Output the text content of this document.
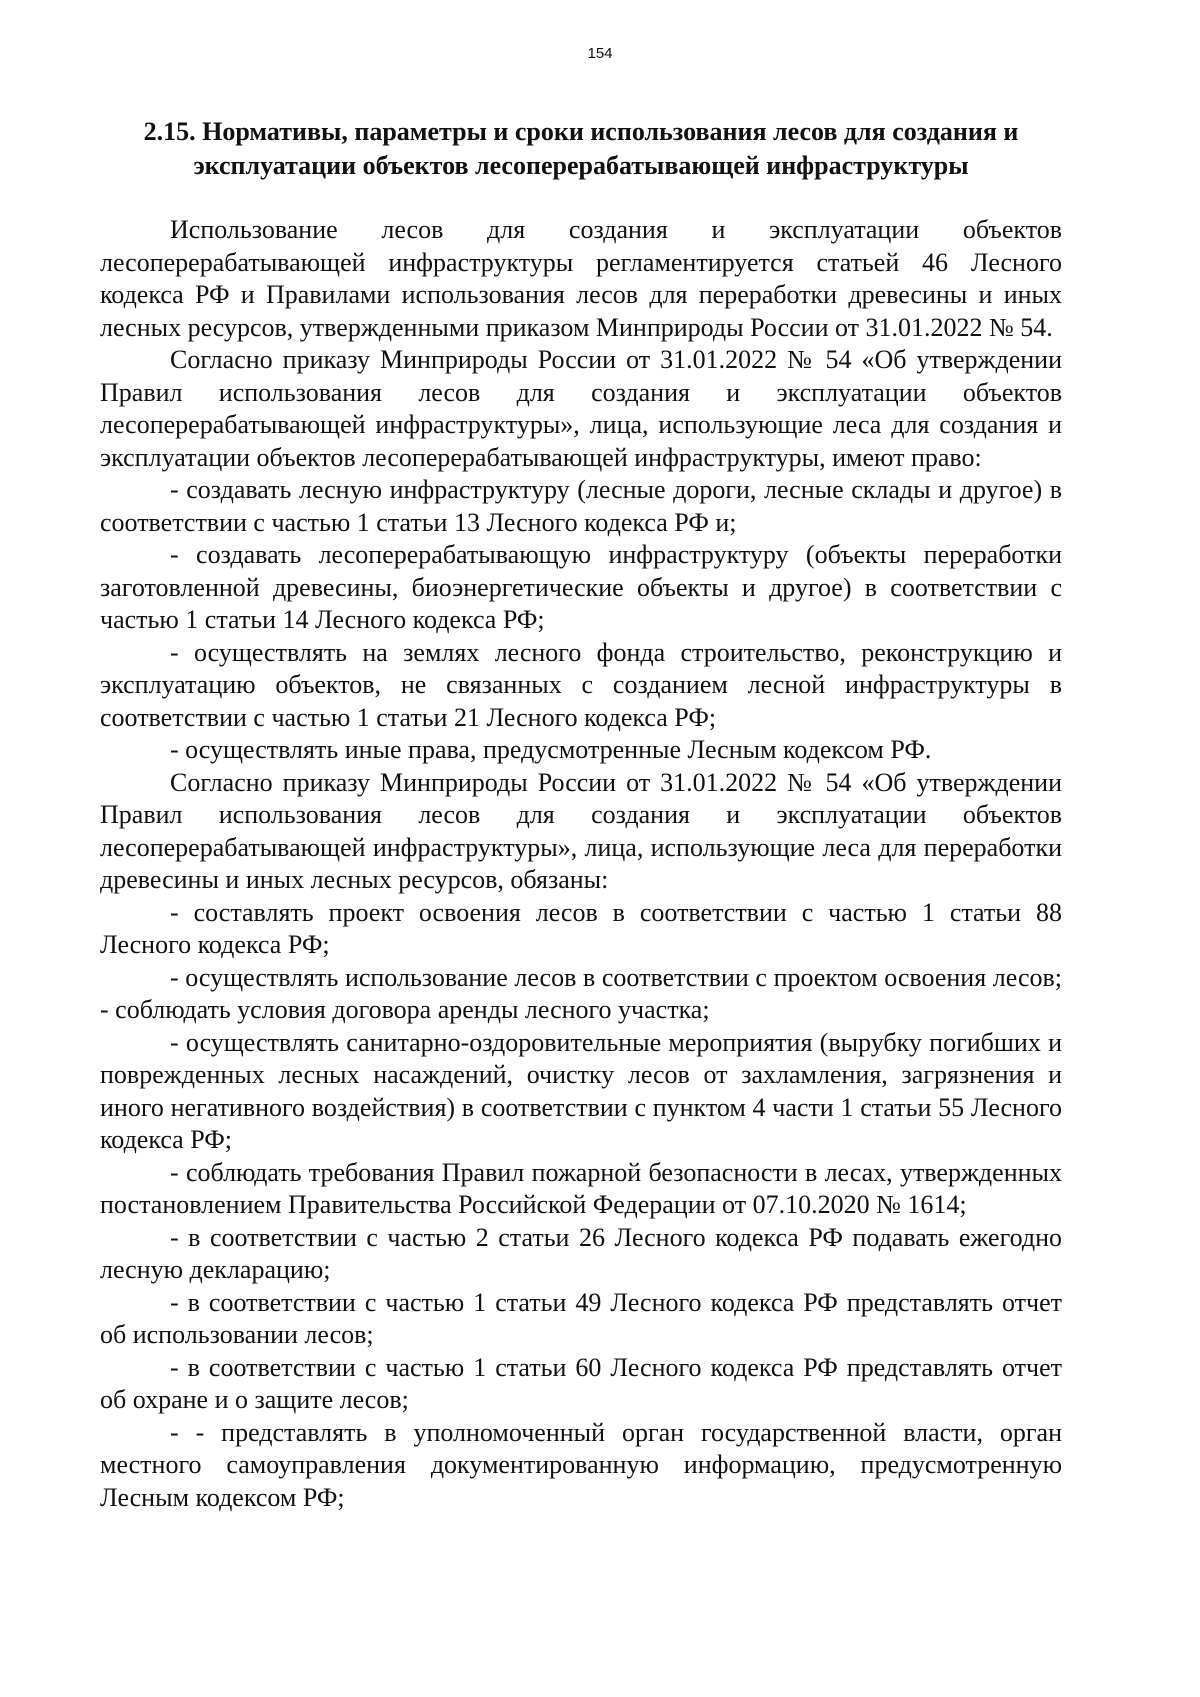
154
2.15. Нормативы, параметры и сроки использования лесов для создания и эксплуатации объектов лесоперерабатывающей инфраструктуры

Использование лесов для создания и эксплуатации объектов лесоперерабатывающей инфраструктуры регламентируется статьей 46 Лесного кодекса РФ и Правилами использования лесов для переработки древесины и иных лесных ресурсов, утвержденными приказом Минприроды России от 31.01.2022 № 54.

Согласно приказу Минприроды России от 31.01.2022 № 54 «Об утверждении Правил использования лесов для создания и эксплуатации объектов лесоперерабатывающей инфраструктуры», лица, использующие леса для создания и эксплуатации объектов лесоперерабатывающей инфраструктуры, имеют право:

- создавать лесную инфраструктуру (лесные дороги, лесные склады и другое) в соответствии с частью 1 статьи 13 Лесного кодекса РФ и;

- создавать лесоперерабатывающую инфраструктуру (объекты переработки заготовленной древесины, биоэнергетические объекты и другое) в соответствии с частью 1 статьи 14 Лесного кодекса РФ;

- осуществлять на землях лесного фонда строительство, реконструкцию и эксплуатацию объектов, не связанных с созданием лесной инфраструктуры в соответствии с частью 1 статьи 21 Лесного кодекса РФ;

- осуществлять иные права, предусмотренные Лесным кодексом РФ.

Согласно приказу Минприроды России от 31.01.2022 № 54 «Об утверждении Правил использования лесов для создания и эксплуатации объектов лесоперерабатывающей инфраструктуры», лица, использующие леса для переработки древесины и иных лесных ресурсов, обязаны:

- составлять проект освоения лесов в соответствии с частью 1 статьи 88 Лесного кодекса РФ;

- осуществлять использование лесов в соответствии с проектом освоения лесов; - соблюдать условия договора аренды лесного участка;

- осуществлять санитарно-оздоровительные мероприятия (вырубку погибших и поврежденных лесных насаждений, очистку лесов от захламления, загрязнения и иного негативного воздействия) в соответствии с пунктом 4 части 1 статьи 55 Лесного кодекса РФ;

- соблюдать требования Правил пожарной безопасности в лесах, утвержденных постановлением Правительства Российской Федерации от 07.10.2020 № 1614;

- в соответствии с частью 2 статьи 26 Лесного кодекса РФ подавать ежегодно лесную декларацию;

- в соответствии с частью 1 статьи 49 Лесного кодекса РФ представлять отчет об использовании лесов;

- в соответствии с частью 1 статьи 60 Лесного кодекса РФ представлять отчет об охране и о защите лесов;

- - представлять в уполномоченный орган государственной власти, орган местного самоуправления документированную информацию, предусмотренную Лесным кодексом РФ;
